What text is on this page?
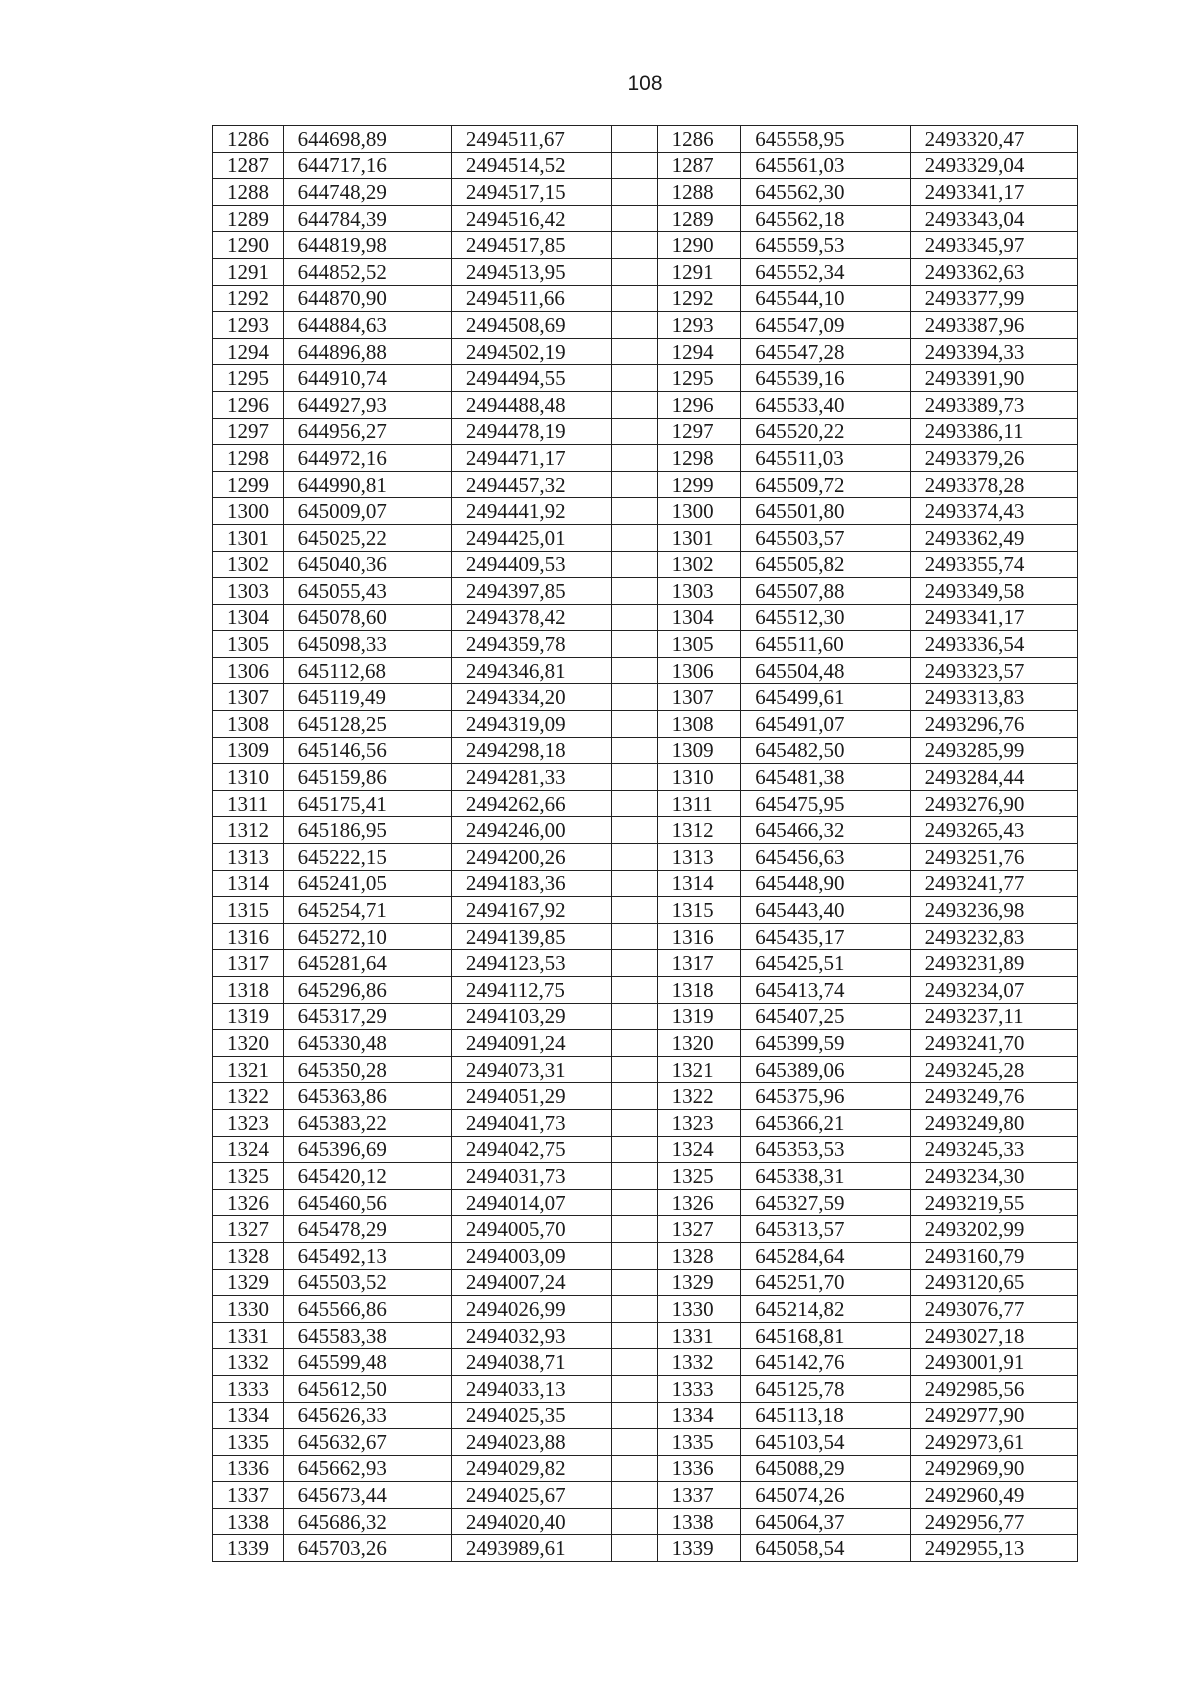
108
1286	644698,89	2494511,67		1286	645558,95	2493320,47
1287	644717,16	2494514,52		1287	645561,03	2493329,04
1288	644748,29	2494517,15		1288	645562,30	2493341,17
1289	644784,39	2494516,42		1289	645562,18	2493343,04
1290	644819,98	2494517,85		1290	645559,53	2493345,97
1291	644852,52	2494513,95		1291	645552,34	2493362,63
1292	644870,90	2494511,66		1292	645544,10	2493377,99
1293	644884,63	2494508,69		1293	645547,09	2493387,96
1294	644896,88	2494502,19		1294	645547,28	2493394,33
1295	644910,74	2494494,55		1295	645539,16	2493391,90
1296	644927,93	2494488,48		1296	645533,40	2493389,73
1297	644956,27	2494478,19		1297	645520,22	2493386,11
1298	644972,16	2494471,17		1298	645511,03	2493379,26
1299	644990,81	2494457,32		1299	645509,72	2493378,28
1300	645009,07	2494441,92		1300	645501,80	2493374,43
1301	645025,22	2494425,01		1301	645503,57	2493362,49
1302	645040,36	2494409,53		1302	645505,82	2493355,74
1303	645055,43	2494397,85		1303	645507,88	2493349,58
1304	645078,60	2494378,42		1304	645512,30	2493341,17
1305	645098,33	2494359,78		1305	645511,60	2493336,54
1306	645112,68	2494346,81		1306	645504,48	2493323,57
1307	645119,49	2494334,20		1307	645499,61	2493313,83
1308	645128,25	2494319,09		1308	645491,07	2493296,76
1309	645146,56	2494298,18		1309	645482,50	2493285,99
1310	645159,86	2494281,33		1310	645481,38	2493284,44
1311	645175,41	2494262,66		1311	645475,95	2493276,90
1312	645186,95	2494246,00		1312	645466,32	2493265,43
1313	645222,15	2494200,26		1313	645456,63	2493251,76
1314	645241,05	2494183,36		1314	645448,90	2493241,77
1315	645254,71	2494167,92		1315	645443,40	2493236,98
1316	645272,10	2494139,85		1316	645435,17	2493232,83
1317	645281,64	2494123,53		1317	645425,51	2493231,89
1318	645296,86	2494112,75		1318	645413,74	2493234,07
1319	645317,29	2494103,29		1319	645407,25	2493237,11
1320	645330,48	2494091,24		1320	645399,59	2493241,70
1321	645350,28	2494073,31		1321	645389,06	2493245,28
1322	645363,86	2494051,29		1322	645375,96	2493249,76
1323	645383,22	2494041,73		1323	645366,21	2493249,80
1324	645396,69	2494042,75		1324	645353,53	2493245,33
1325	645420,12	2494031,73		1325	645338,31	2493234,30
1326	645460,56	2494014,07		1326	645327,59	2493219,55
1327	645478,29	2494005,70		1327	645313,57	2493202,99
1328	645492,13	2494003,09		1328	645284,64	2493160,79
1329	645503,52	2494007,24		1329	645251,70	2493120,65
1330	645566,86	2494026,99		1330	645214,82	2493076,77
1331	645583,38	2494032,93		1331	645168,81	2493027,18
1332	645599,48	2494038,71		1332	645142,76	2493001,91
1333	645612,50	2494033,13		1333	645125,78	2492985,56
1334	645626,33	2494025,35		1334	645113,18	2492977,90
1335	645632,67	2494023,88		1335	645103,54	2492973,61
1336	645662,93	2494029,82		1336	645088,29	2492969,90
1337	645673,44	2494025,67		1337	645074,26	2492960,49
1338	645686,32	2494020,40		1338	645064,37	2492956,77
1339	645703,26	2493989,61		1339	645058,54	2492955,13
